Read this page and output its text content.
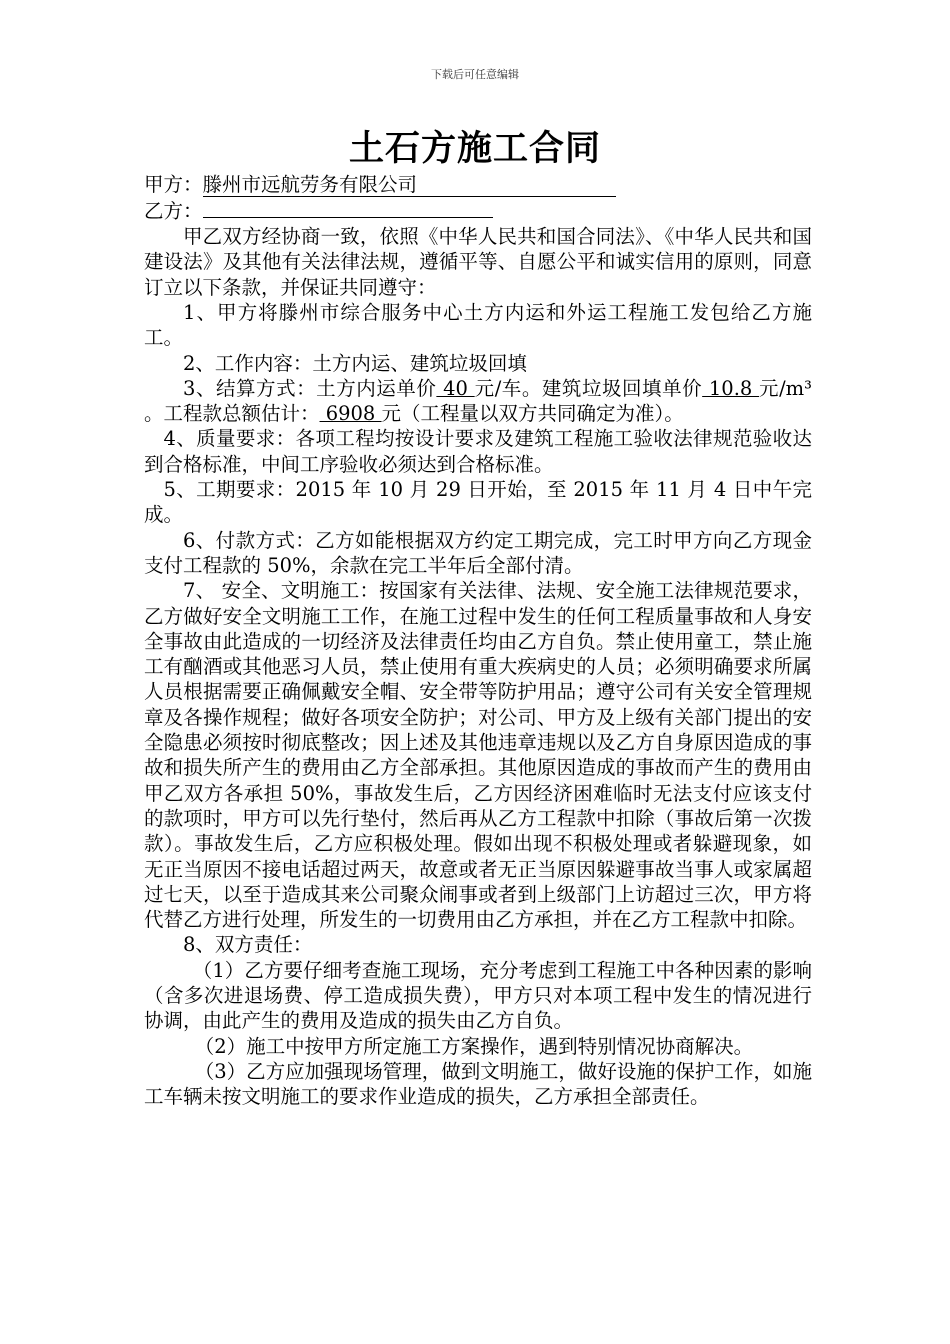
下载后可任意编辑
土石方施工合同

甲方：滕州市远航劳务有限公司

乙方：

甲乙双方经协商一致，依照《中华人民共和国合同法》、《中华人民共和国建设法》及其他有关法律法规，遵循平等、自愿公平和诚实信用的原则，同意订立以下条款，并保证共同遵守：

1、甲方将滕州市综合服务中心土方内运和外运工程施工发包给乙方施工。

2、工作内容：土方内运、建筑垃圾回填

3、结算方式：土方内运单价 40 元/车。建筑垃圾回填单价 10.8 元/m³ 。工程款总额估计： 6908 元（工程量以双方共同确定为准）。

4、质量要求：各项工程均按设计要求及建筑工程施工验收法律规范验收达到合格标准，中间工序验收必须达到合格标准。

5、工期要求：2015 年 10 月 29 日开始，至 2015 年 11 月 4 日中午完成。

6、付款方式：乙方如能根据双方约定工期完成，完工时甲方向乙方现金支付工程款的 50%，余款在完工半年后全部付清。

7、 安全、文明施工：按国家有关法律、法规、安全施工法律规范要求，乙方做好安全文明施工工作，在施工过程中发生的任何工程质量事故和人身安全事故由此造成的一切经济及法律责任均由乙方自负。禁止使用童工，禁止施工有酗酒或其他恶习人员，禁止使用有重大疾病史的人员；必须明确要求所属人员根据需要正确佩戴安全帽、安全带等防护用品；遵守公司有关安全管理规章及各操作规程；做好各项安全防护；对公司、甲方及上级有关部门提出的安全隐患必须按时彻底整改；因上述及其他违章违规以及乙方自身原因造成的事故和损失所产生的费用由乙方全部承担。其他原因造成的事故而产生的费用由甲乙双方各承担 50%，事故发生后，乙方因经济困难临时无法支付应该支付的款项时，甲方可以先行垫付，然后再从乙方工程款中扣除（事故后第一次拨款）。事故发生后，乙方应积极处理。假如出现不积极处理或者躲避现象，如无正当原因不接电话超过两天，故意或者无正当原因躲避事故当事人或家属超过七天，以至于造成其来公司聚众闹事或者到上级部门上访超过三次，甲方将代替乙方进行处理，所发生的一切费用由乙方承担，并在乙方工程款中扣除。

8、双方责任：

（1）乙方要仔细考查施工现场，充分考虑到工程施工中各种因素的影响（含多次进退场费、停工造成损失费），甲方只对本项工程中发生的情况进行协调，由此产生的费用及造成的损失由乙方自负。

（2）施工中按甲方所定施工方案操作，遇到特别情况协商解决。

（3）乙方应加强现场管理，做到文明施工，做好设施的保护工作，如施工车辆未按文明施工的要求作业造成的损失，乙方承担全部责任。
